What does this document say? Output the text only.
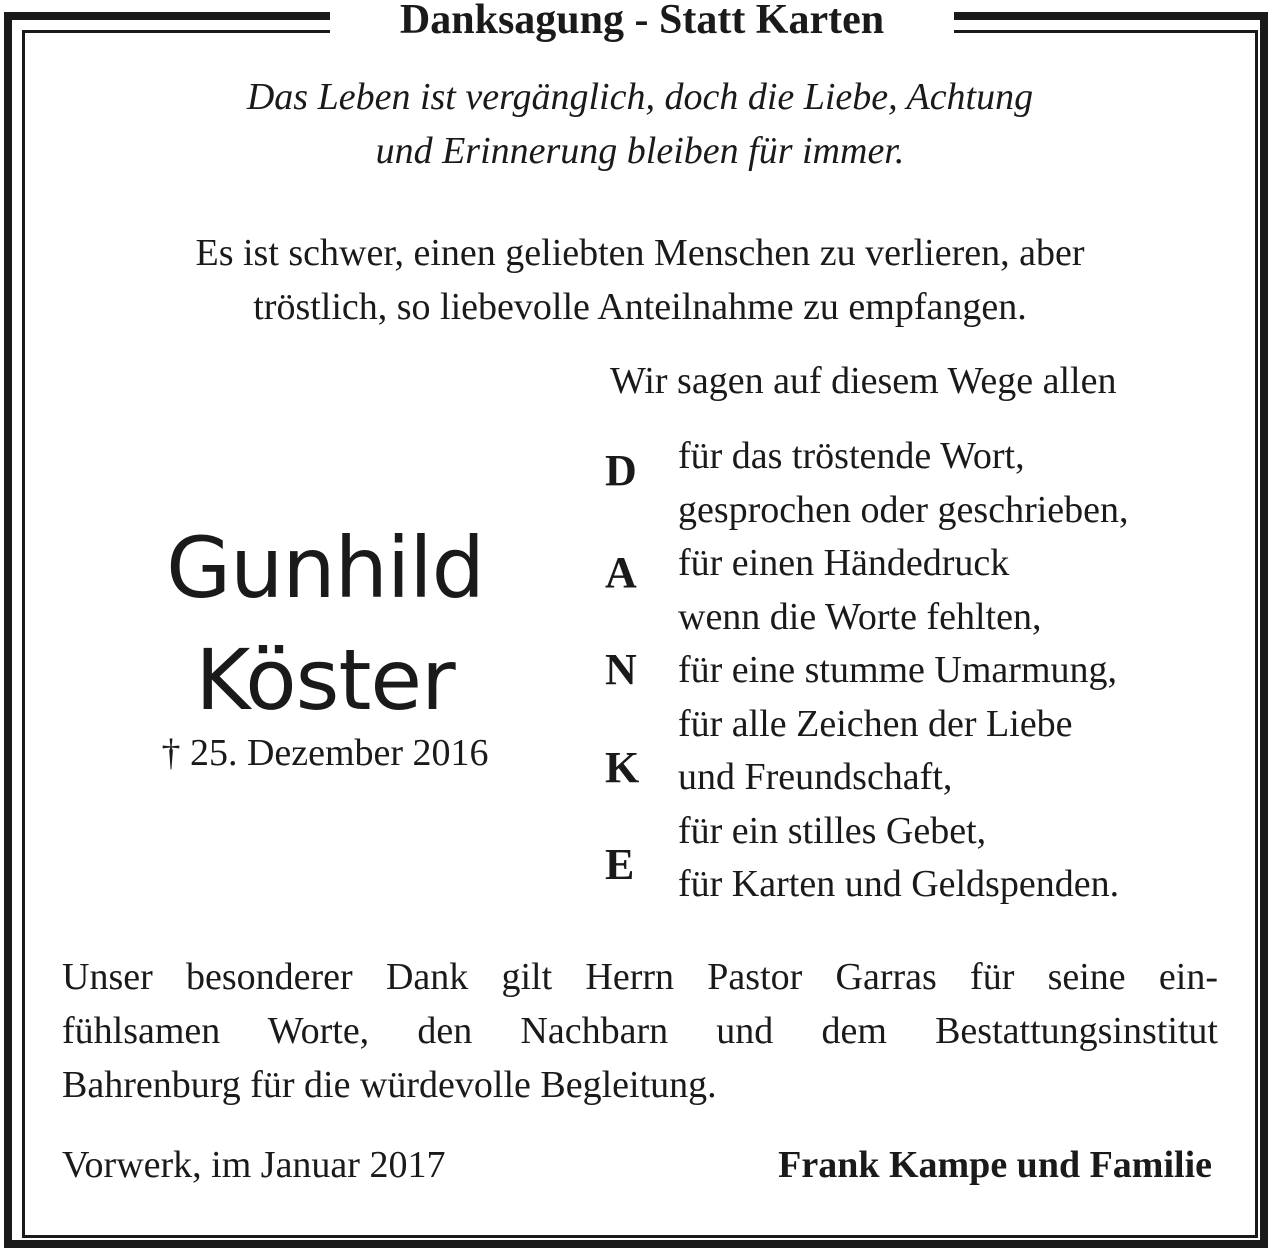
Danksagung - Statt Karten
Das Leben ist vergänglich, doch die Liebe, Achtung
und Erinnerung bleiben für immer.
Es ist schwer, einen geliebten Menschen zu verlieren, aber
tröstlich, so liebevolle Anteilnahme zu empfangen.
Wir sagen auf diesem Wege allen
Gunhild
Köster
† 25. Dezember 2016
D
A
N
K
E
für das tröstende Wort,
gesprochen oder geschrieben,
für einen Händedruck
wenn die Worte fehlten,
für eine stumme Umarmung,
für alle Zeichen der Liebe
und Freundschaft,
für ein stilles Gebet,
für Karten und Geldspenden.
Unser besonderer Dank gilt Herrn Pastor Garras für seine ein-
fühlsamen Worte, den Nachbarn und dem Bestattungsinstitut
Bahrenburg für die würdevolle Begleitung.
Vorwerk, im Januar 2017	Frank Kampe und Familie
